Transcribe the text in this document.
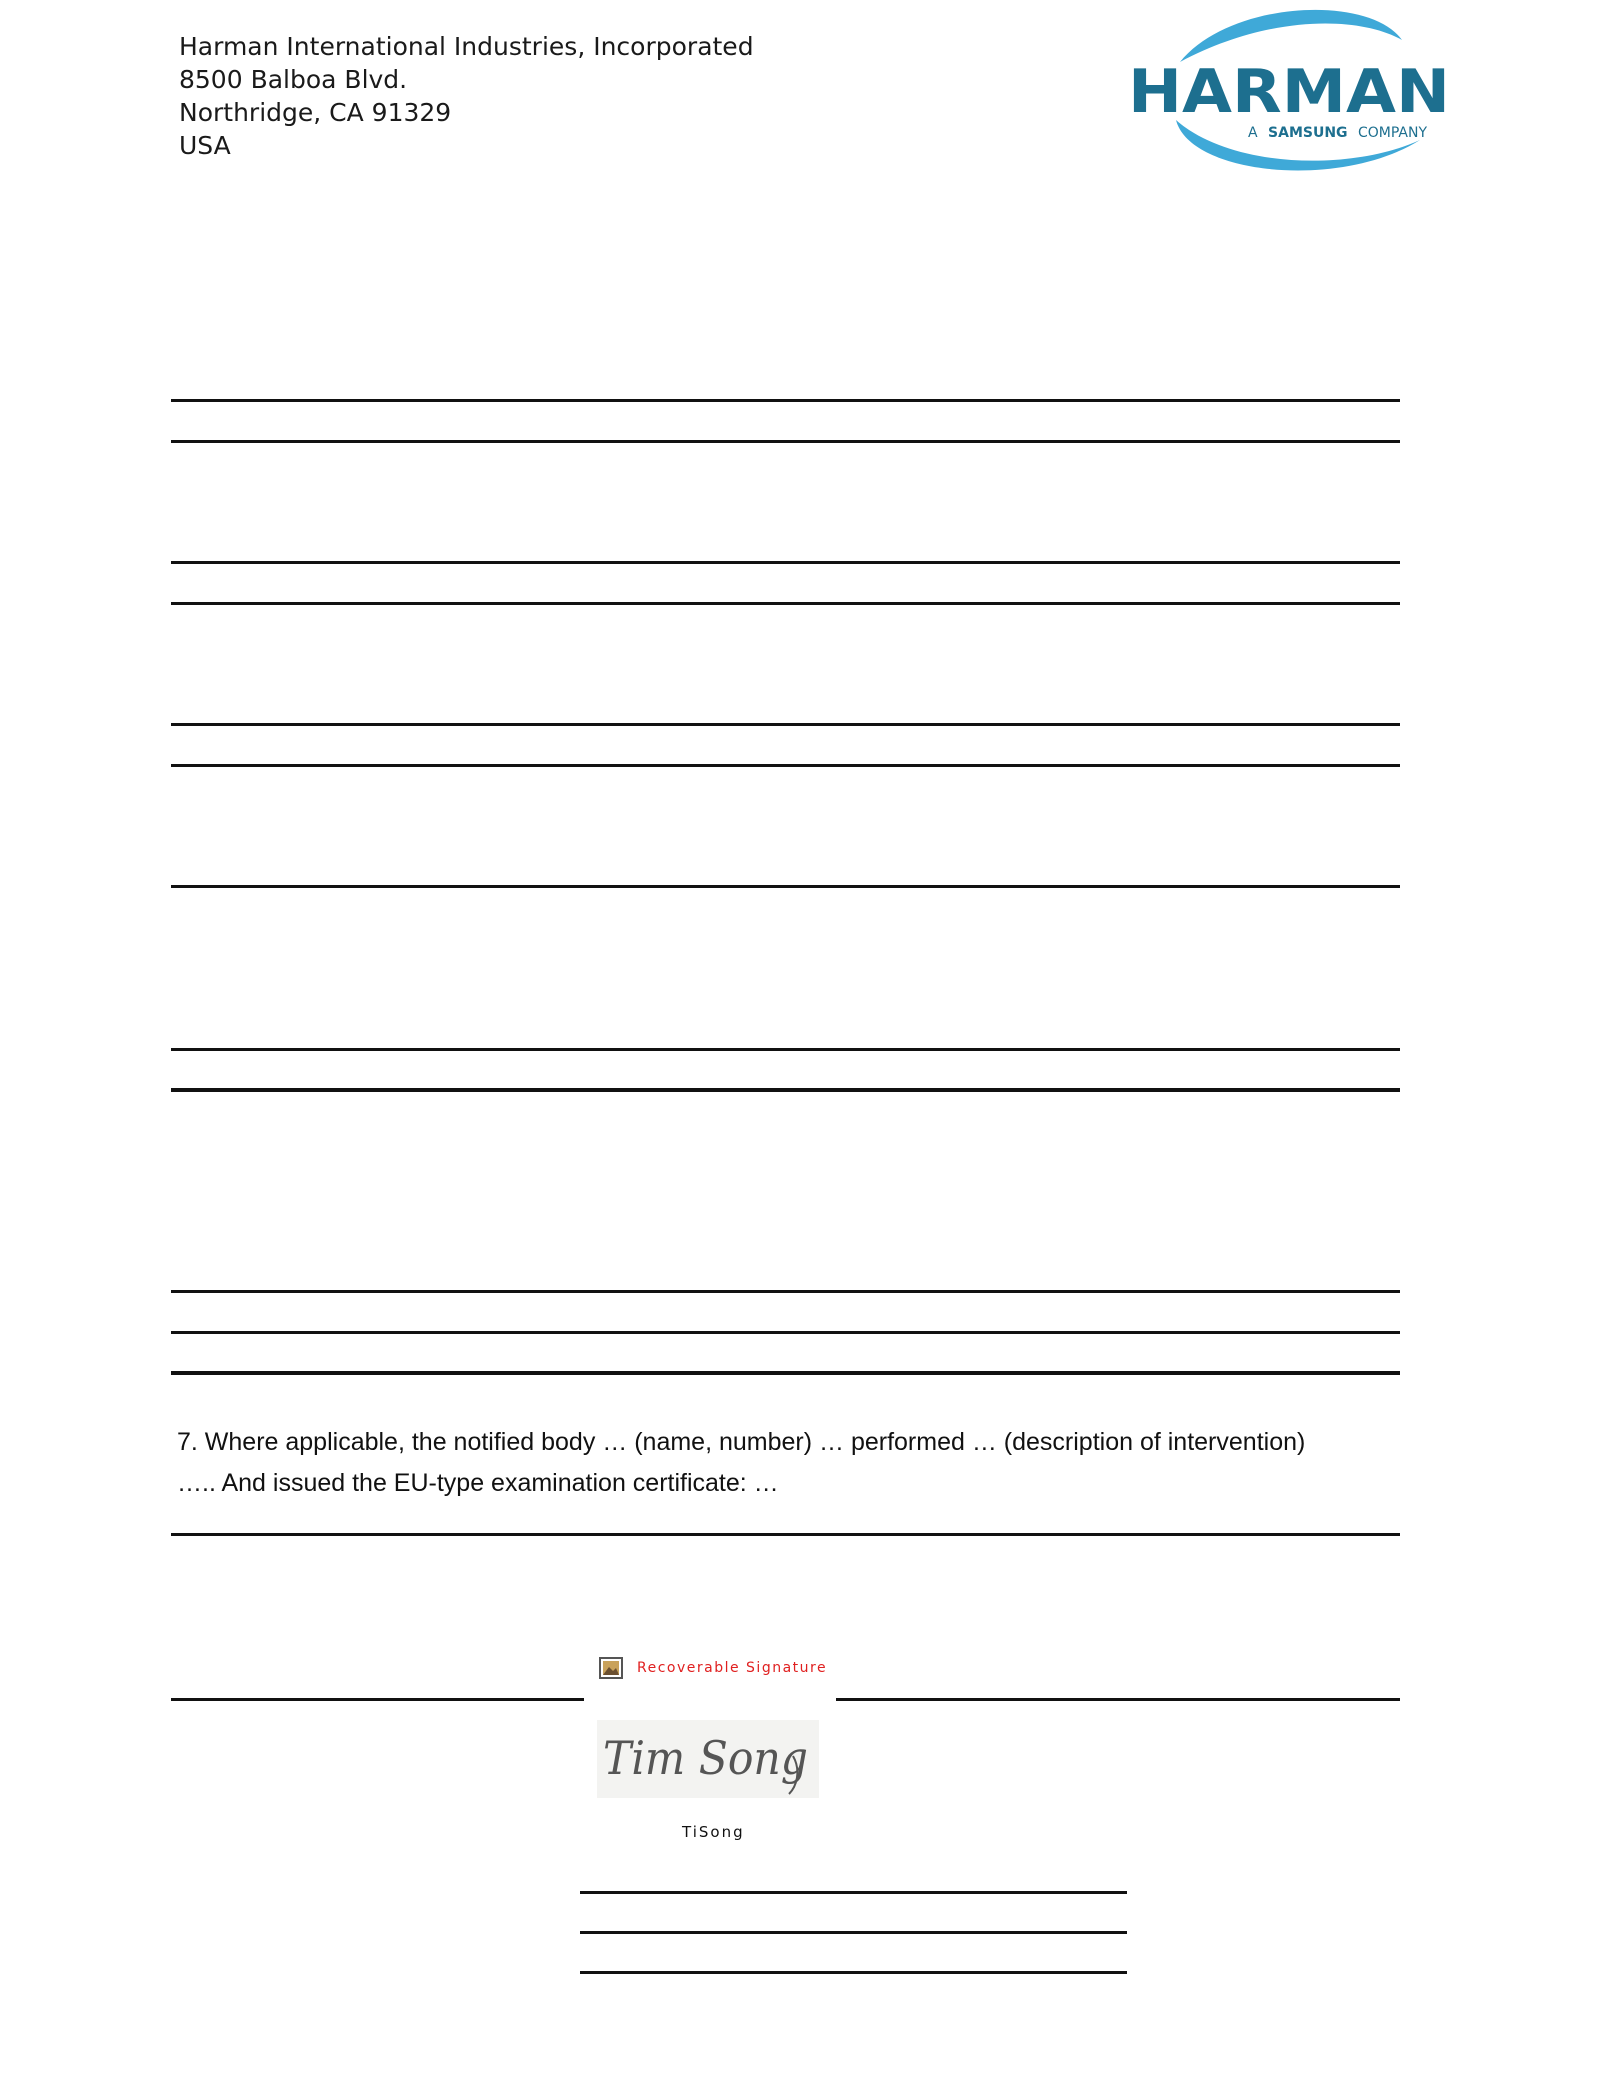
Harman International Industries, Incorporated
8500 Balboa Blvd.
Northridge, CA 91329
USA
HARMAN
A SAMSUNG COMPANY
7. Where applicable, the notified body … (name, number) … performed … (description of intervention)
….. And issued the EU-type examination certificate: …
Recoverable Signature
Tim Song
TiSong
